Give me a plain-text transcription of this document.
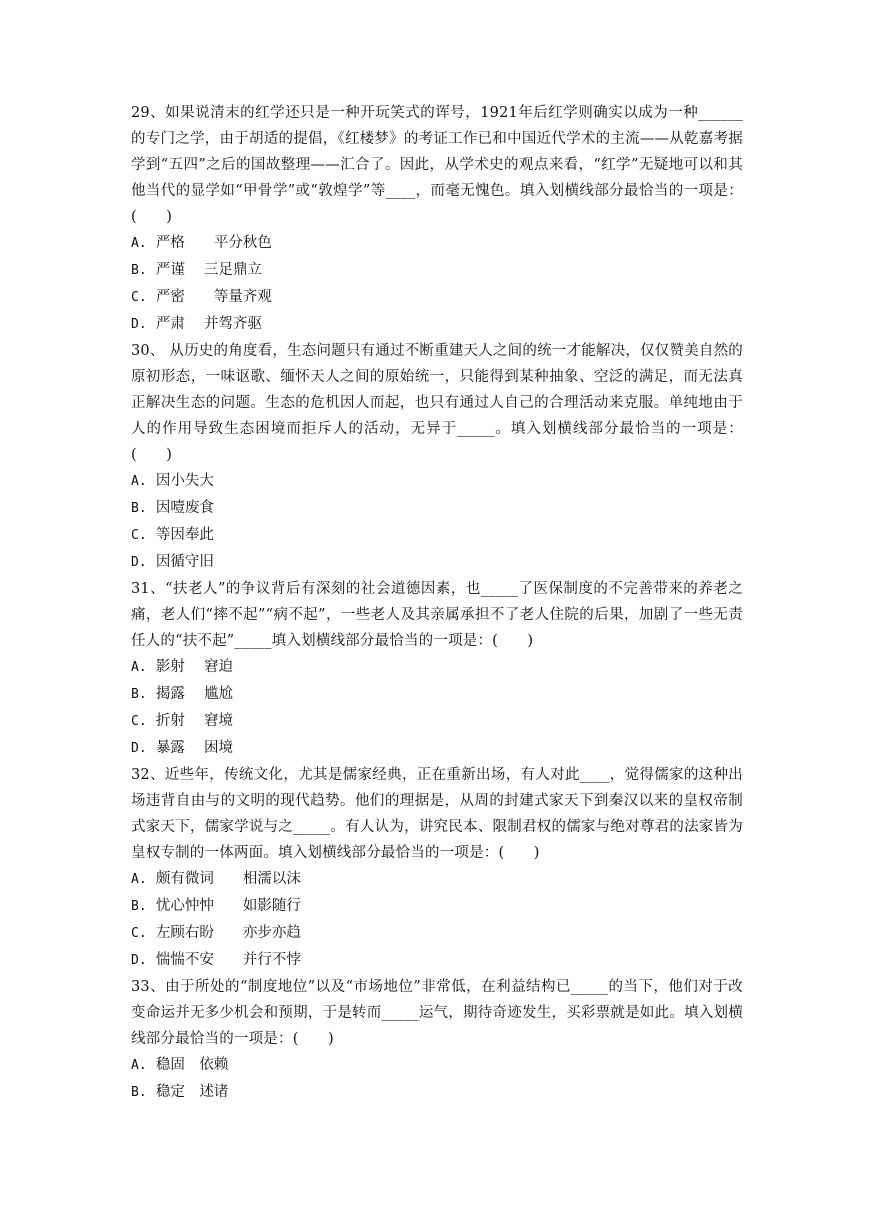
29、如果说清末的红学还只是一种开玩笑式的诨号，1921年后红学则确实以成为一种______的专门之学，由于胡适的提倡，《红楼梦》的考证工作已和中国近代学术的主流——从乾嘉考据学到“五四”之后的国故整理——汇合了。因此，从学术史的观点来看，“红学”无疑地可以和其他当代的显学如“甲骨学”或“敦煌学”等____，而毫无愧色。填入划横线部分最恰当的一项是：(　　)

A. 严格　　平分秋色

B. 严谨　 三足鼎立

C. 严密　　等量齐观

D. 严肃　 并驾齐驱

30、 从历史的角度看，生态问题只有通过不断重建天人之间的统一才能解决，仅仅赞美自然的原初形态，一味讴歌、缅怀天人之间的原始统一，只能得到某种抽象、空泛的满足，而无法真正解决生态的问题。生态的危机因人而起，也只有通过人自己的合理活动来克服。单纯地由于人的作用导致生态困境而拒斥人的活动，无异于_____。填入划横线部分最恰当的一项是：(　　)

A. 因小失大

B. 因噎废食

C. 等因奉此

D. 因循守旧

31、“扶老人”的争议背后有深刻的社会道德因素，也_____了医保制度的不完善带来的养老之痛，老人们“摔不起”“病不起”，一些老人及其亲属承担不了老人住院的后果，加剧了一些无责任人的“扶不起”_____填入划横线部分最恰当的一项是：(　　)

A. 影射　 窘迫

B. 揭露　 尴尬

C. 折射　 窘境

D. 暴露　 困境

32、近些年，传统文化，尤其是儒家经典，正在重新出场，有人对此____，觉得儒家的这种出场违背自由与的文明的现代趋势。他们的理据是，从周的封建式家天下到秦汉以来的皇权帝制式家天下，儒家学说与之_____。有人认为，讲究民本、限制君权的儒家与绝对尊君的法家皆为皇权专制的一体两面。填入划横线部分最恰当的一项是：(　　)

A. 颇有微词　　相濡以沫

B. 忧心忡忡　　如影随行

C. 左顾右盼　　亦步亦趋

D. 惴惴不安　　并行不悖

33、由于所处的“制度地位”以及“市场地位”非常低，在利益结构已_____的当下，他们对于改变命运并无多少机会和预期，于是转而_____运气，期待奇迹发生，买彩票就是如此。填入划横线部分最恰当的一项是：(　　)

A. 稳固　依赖

B. 稳定　述诸
